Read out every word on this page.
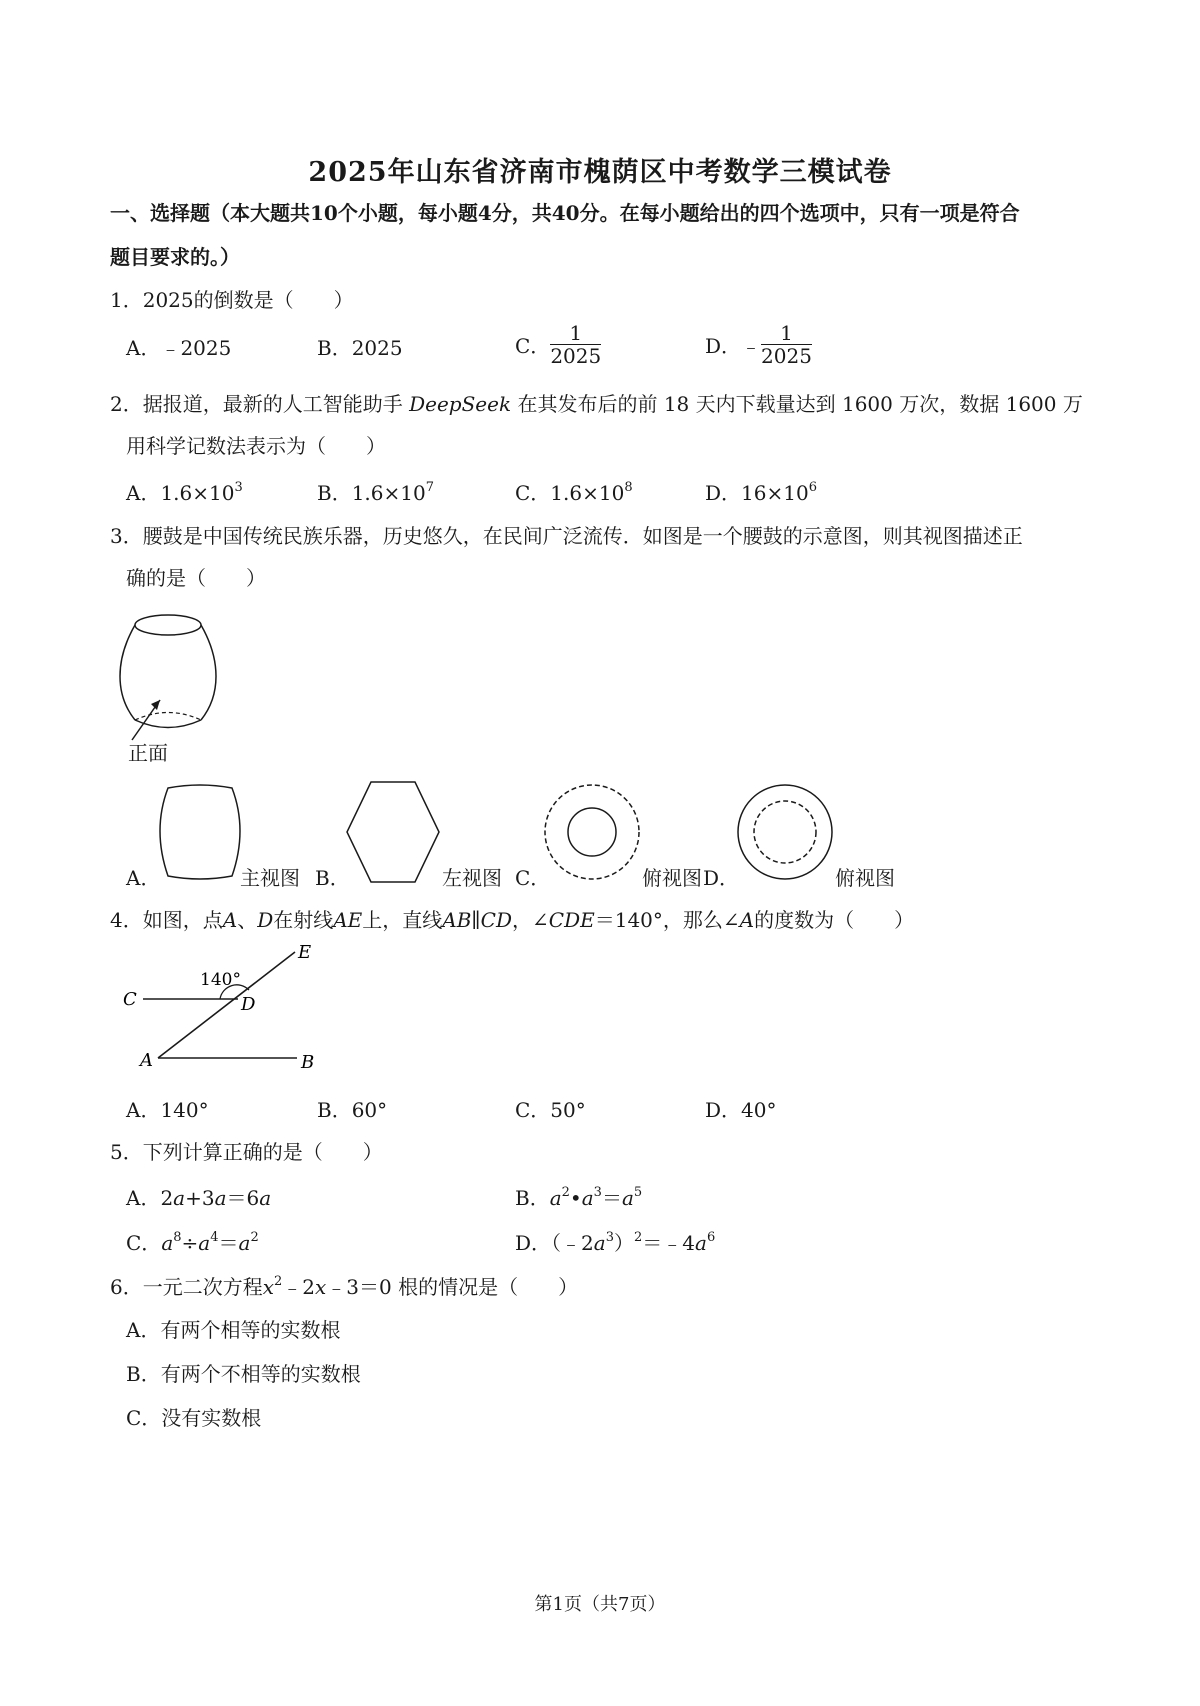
2025年山东省济南市槐荫区中考数学三模试卷
一、选择题（本大题共10个小题，每小题4分，共40分。在每小题给出的四个选项中，只有一项是符合
题目要求的。）
1．2025的倒数是（　　）
A．﹣2025	B．2025	C． $\frac{1}{2025}$	D．﹣ $\frac{1}{2025}$
2．据报道，最新的人工智能助手 DeepSeek 在其发布后的前 18 天内下载量达到 1600 万次，数据 1600 万
用科学记数法表示为（　　）
A．$1.6\times 10^3$	B．$1.6\times 10^7$	C．$1.6\times 10^8$	D．$16\times 10^6$
3．腰鼓是中国传统民族乐器，历史悠久，在民间广泛流传．如图是一个腰鼓的示意图，则其视图描述正
确的是（　　）
正面
A．	主视图 B．	左视图 C．	俯视图 D．	俯视图
4．如图，点A、D在射线AE上，直线AB∥CD，∠CDE＝140°，那么∠A的度数为（　　）
140°
C	D
E
A	B
A．140°	B．60°	C．50°	D．40°
5．下列计算正确的是（　　）
A．2a+3a＝6a	B．$a^2•a^3=a^5$
C．$a^8\div a^4=a^2$	D．$(﹣2a^3)^2=﹣4a^6$
6．一元二次方程$x^2﹣2x﹣3=0$ 根的情况是（　　）
A．有两个相等的实数根
B．有两个不相等的实数根
C．没有实数根
第1页（共7页）
